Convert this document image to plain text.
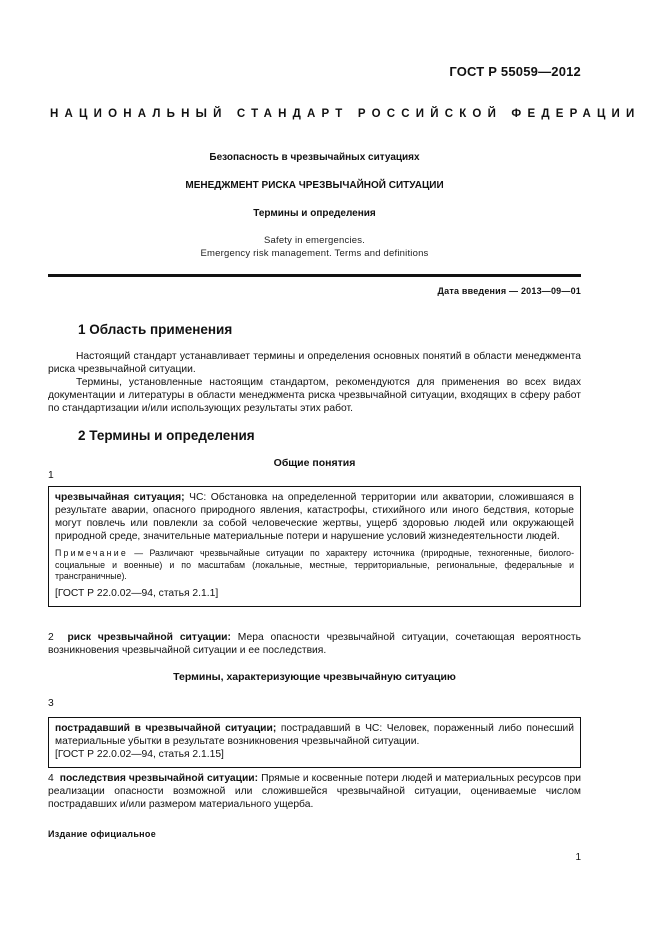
ГОСТ Р 55059—2012
НАЦИОНАЛЬНЫЙ СТАНДАРТ РОССИЙСКОЙ ФЕДЕРАЦИИ
Безопасность в чрезвычайных ситуациях
МЕНЕДЖМЕНТ РИСКА ЧРЕЗВЫЧАЙНОЙ СИТУАЦИИ
Термины и определения
Safety in emergencies.
Emergency risk management. Terms and definitions
Дата введения — 2013—09—01
1 Область применения
Настоящий стандарт устанавливает термины и определения основных понятий в области менеджмента риска чрезвычайной ситуации.
Термины, установленные настоящим стандартом, рекомендуются для применения во всех видах документации и литературы в области менеджмента риска чрезвычайной ситуации, входящих в сферу работ по стандартизации и/или использующих результаты этих работ.
2 Термины и определения
Общие понятия
1

чрезвычайная ситуация; ЧС: Обстановка на определенной территории или акватории, сложившаяся в результате аварии, опасного природного явления, катастрофы, стихийного или иного бедствия, которые могут повлечь или повлекли за собой человеческие жертвы, ущерб здоровью людей или окружающей природной среде, значительные материальные потери и нарушение условий жизнедеятельности людей.

Примечание — Различают чрезвычайные ситуации по характеру источника (природные, техногенные, биолого-социальные и военные) и по масштабам (локальные, местные, территориальные, региональные, федеральные и трансграничные).

[ГОСТ Р 22.0.02—94, статья 2.1.1]

2 риск чрезвычайной ситуации: Мера опасности чрезвычайной ситуации, сочетающая вероятность возникновения чрезвычайной ситуации и ее последствия.
Термины, характеризующие чрезвычайную ситуацию
3

пострадавший в чрезвычайной ситуации; пострадавший в ЧС: Человек, пораженный либо понесший материальные убытки в результате возникновения чрезвычайной ситуации.

[ГОСТ Р 22.0.02—94, статья 2.1.15]

4 последствия чрезвычайной ситуации: Прямые и косвенные потери людей и материальных ресурсов при реализации опасности возможной или сложившейся чрезвычайной ситуации, оцениваемые числом пострадавших и/или размером материального ущерба.
Издание официальное
1
